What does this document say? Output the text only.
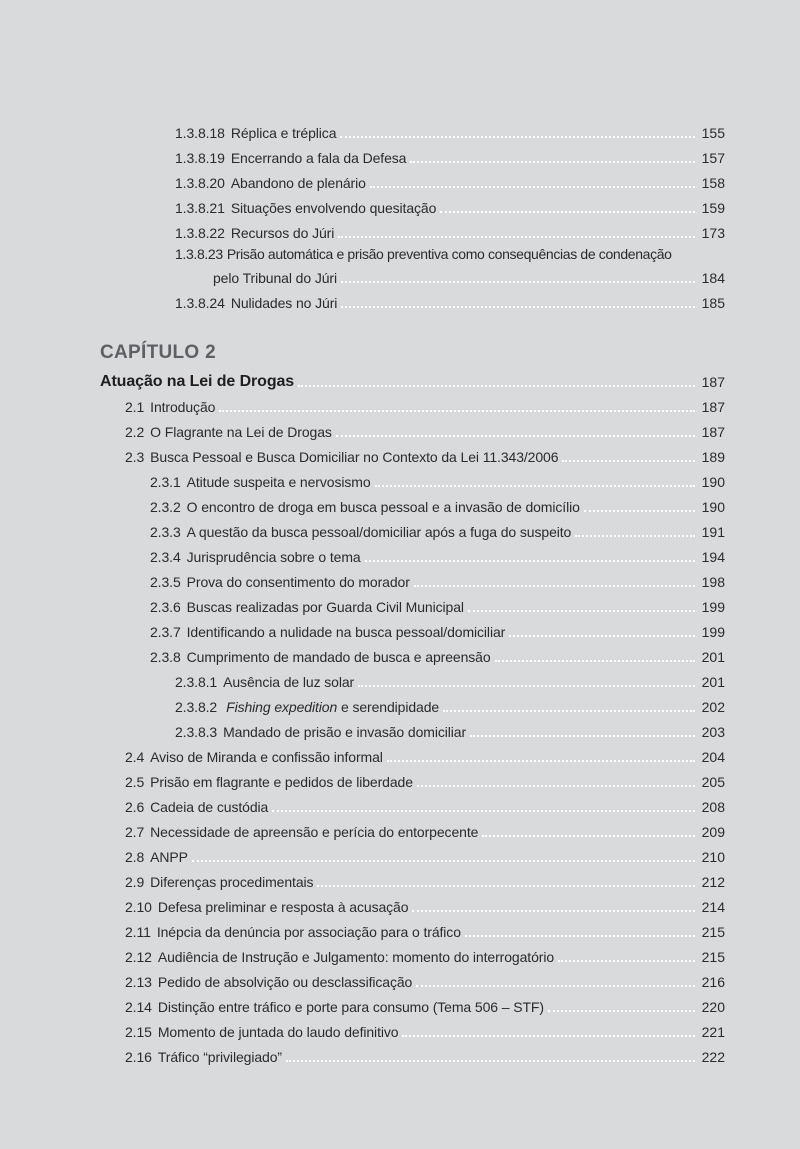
1.3.8.18 Réplica e tréplica	155
1.3.8.19 Encerrando a fala da Defesa	157
1.3.8.20 Abandono de plenário	158
1.3.8.21 Situações envolvendo quesitação	159
1.3.8.22 Recursos do Júri	173
1.3.8.23 Prisão automática e prisão preventiva como consequências de condenação
pelo Tribunal do Júri	184
1.3.8.24 Nulidades no Júri	185
CAPÍTULO 2
Atuação na Lei de Drogas	187
2.1 Introdução	187
2.2 O Flagrante na Lei de Drogas	187
2.3 Busca Pessoal e Busca Domiciliar no Contexto da Lei 11.343/2006	189
2.3.1 Atitude suspeita e nervosismo	190
2.3.2 O encontro de droga em busca pessoal e a invasão de domicílio	190
2.3.3 A questão da busca pessoal/domiciliar após a fuga do suspeito	191
2.3.4 Jurisprudência sobre o tema	194
2.3.5 Prova do consentimento do morador	198
2.3.6 Buscas realizadas por Guarda Civil Municipal	199
2.3.7 Identificando a nulidade na busca pessoal/domiciliar	199
2.3.8 Cumprimento de mandado de busca e apreensão	201
2.3.8.1 Ausência de luz solar	201
2.3.8.2 Fishing expedition e serendipidade	202
2.3.8.3 Mandado de prisão e invasão domiciliar	203
2.4 Aviso de Miranda e confissão informal	204
2.5 Prisão em flagrante e pedidos de liberdade	205
2.6 Cadeia de custódia	208
2.7 Necessidade de apreensão e perícia do entorpecente	209
2.8 ANPP	210
2.9 Diferenças procedimentais	212
2.10 Defesa preliminar e resposta à acusação	214
2.11 Inépcia da denúncia por associação para o tráfico	215
2.12 Audiência de Instrução e Julgamento: momento do interrogatório	215
2.13 Pedido de absolvição ou desclassificação	216
2.14 Distinção entre tráfico e porte para consumo (Tema 506 – STF)	220
2.15 Momento de juntada do laudo definitivo	221
2.16 Tráfico “privilegiado”	222
